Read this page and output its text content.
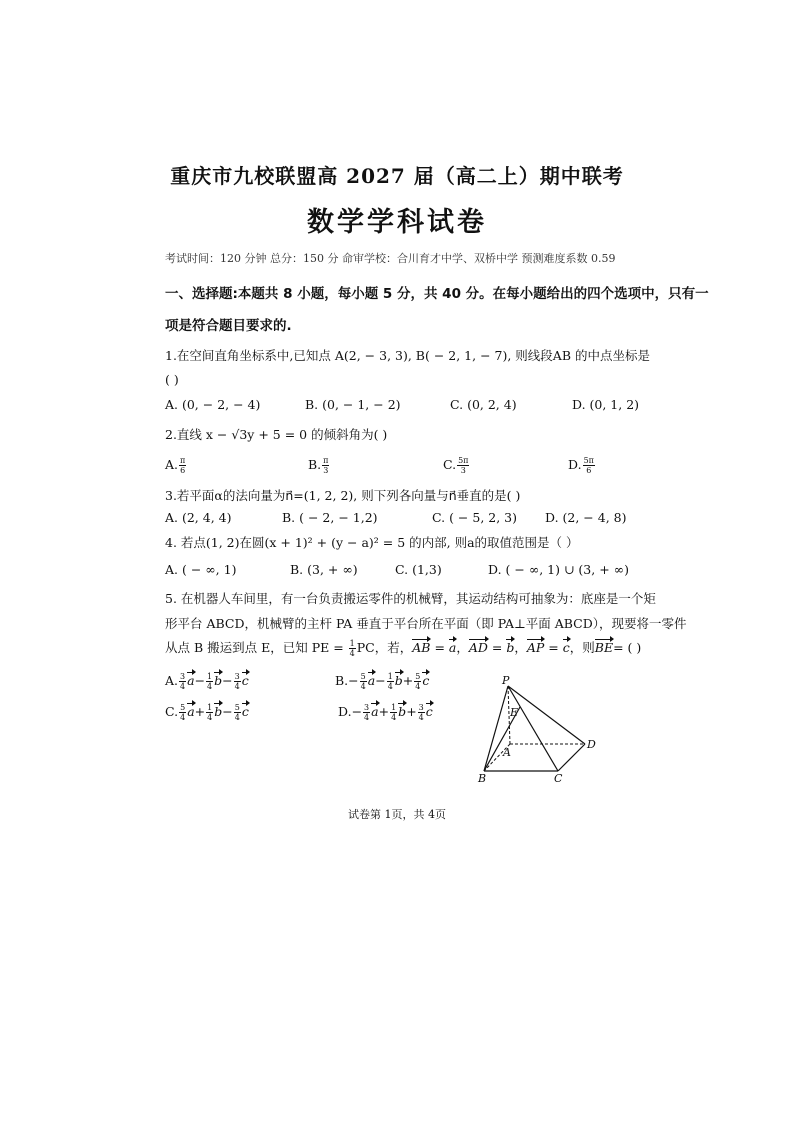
重庆市九校联盟高 2027 届（高二上）期中联考
数学学科试卷
考试时间：120 分钟 总分：150 分 命审学校：合川育才中学、双桥中学 预测难度系数 0.59
一、选择题:本题共 8 小题，每小题 5 分，共 40 分。在每小题给出的四个选项中，只有一
项是符合题目要求的.
1.在空间直角坐标系中,已知点 A(2, − 3, 3), B( − 2, 1, − 7), 则线段AB 的中点坐标是
( )
A. (0, − 2, − 4)	B. (0, − 1, − 2)	C. (0, 2, 4)	D. (0, 1, 2)
2.直线 x − √3y + 5 = 0 的倾斜角为( )
A. $\frac{\pi}{6}$	B. $\frac{\pi}{3}$	C. $\frac{5\pi}{3}$	D. $\frac{5\pi}{6}$
3.若平面α的法向量为n⃗=(1, 2, 2), 则下列各向量与n⃗垂直的是( )
A. (2, 4, 4)	B. ( − 2, − 1,2)	C. ( − 5, 2, 3) D. (2, − 4, 8)
4. 若点(1, 2)在圆(x + 1)² + (y − a)² = 5 的内部, 则a的取值范围是（ ）
A. ( − ∞, 1)	B. (3, + ∞)	C. (1,3)	D. ( − ∞, 1) ∪ (3, + ∞)
5. 在机器人车间里，有一台负责搬运零件的机械臂，其运动结构可抽象为：底座是一个矩
形平台 ABCD，机械臂的主杆 PA 垂直于平台所在平面（即 PA⊥平面 ABCD），现要将一零件
从点 B 搬运到点 E，已知 PE = $\frac{1}{4}$ PC，若，AB = a，AD = b，AP = c，则BE= ( )
A. $\frac{3}{4} a- \frac{1}{4} b- \frac{3}{4}$ c	$B.- \frac{5}{4} a- \frac{1}{4} b+ \frac{5}{4}$ c
C. $\frac{5}{4} a+ \frac{1}{4} b- \frac{5}{4}$ c	$D.- \frac{3}{4} a+ \frac{1}{4} b+ \frac{3}{4}$ c
P
E
A
B	C
D
试卷第 1页，共 4页
